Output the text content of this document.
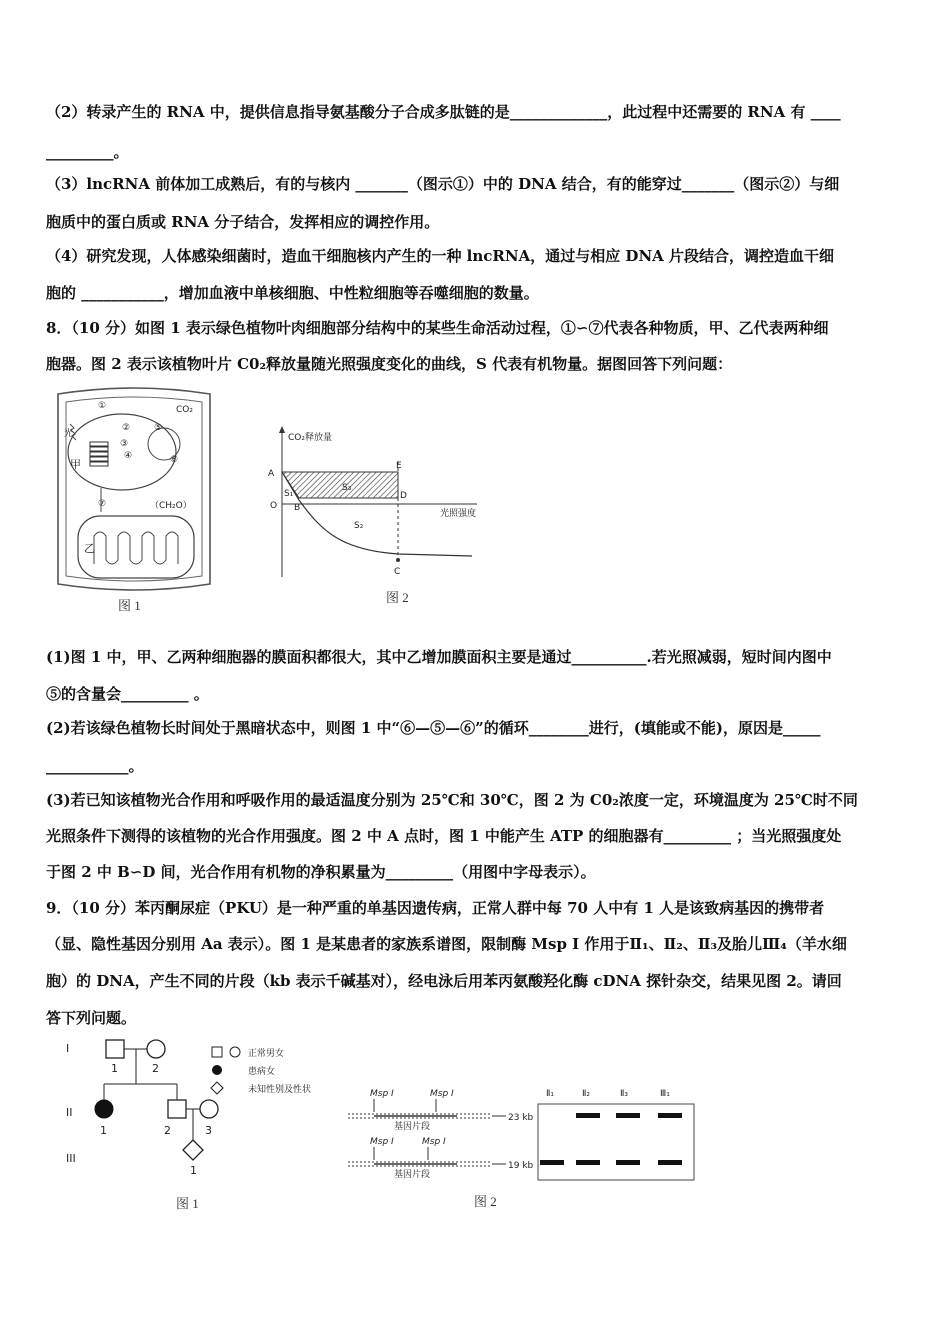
（2）转录产生的 RNA 中，提供信息指导氨基酸分子合成多肽链的是_____________，此过程中还需要的 RNA 有 ____
_________。
（3）lncRNA 前体加工成熟后，有的与核内 _______（图示①）中的 DNA 结合，有的能穿过_______（图示②）与细
胞质中的蛋白质或 RNA 分子结合，发挥相应的调控作用。
（4）研究发现，人体感染细菌时，造血干细胞核内产生的一种 lncRNA，通过与相应 DNA 片段结合，调控造血干细
胞的 ___________，增加血液中单核细胞、中性粒细胞等吞噬细胞的数量。
8．（10 分）如图 1 表示绿色植物叶肉细胞部分结构中的某些生命活动过程，①∽⑦代表各种物质，甲、乙代表两种细
胞器。图 2 表示该植物叶片 C0₂释放量随光照强度变化的曲线，S 代表有机物量。据图回答下列问题：
①
②
③
④
⑤
⑥
⑦
光
甲
CO₂
（CH₂O）
乙
图 1
CO₂释放量
光照强度
A
B
C
D
E
O
S₁
S₂
S₃
图 2
(1)图 1 中，甲、乙两种细胞器的膜面积都很大，其中乙增加膜面积主要是通过__________.若光照减弱，短时间内图中
⑤的含量会_________ 。
(2)若该绿色植物长时间处于黑暗状态中，则图 1 中“⑥—⑤—⑥”的循环________进行，(填能或不能)，原因是_____
___________。
(3)若已知该植物光合作用和呼吸作用的最适温度分别为 25℃和 30℃，图 2 为 C0₂浓度一定，环境温度为 25℃时不同
光照条件下测得的该植物的光合作用强度。图 2 中 A 点时，图 1 中能产生 ATP 的细胞器有_________ ；当光照强度处
于图 2 中 B∽D 间，光合作用有机物的净积累量为_________（用图中字母表示）。
9．（10 分）苯丙酮尿症（PKU）是一种严重的单基因遗传病，正常人群中每 70 人中有 1 人是该致病基因的携带者
（显、隐性基因分别用 Aa 表示）。图 1 是某患者的家族系谱图，限制酶 Msp I 作用于Ⅱ₁、Ⅱ₂、Ⅱ₃及胎儿Ⅲ₄（羊水细
胞）的 DNA，产生不同的片段（kb 表示千碱基对），经电泳后用苯丙氨酸羟化酶 cDNA 探针杂交，结果见图 2。请回
答下列问题。
I
II
III
1	2
1	2	3
1
正常男女
患病女
未知性别及性状
图 1
Msp I	Msp I
基因片段
23 kb
Msp I	Msp I
基因片段
19 kb
Ⅱ₁	Ⅱ₂	Ⅱ₃	Ⅲ₁
图 2
